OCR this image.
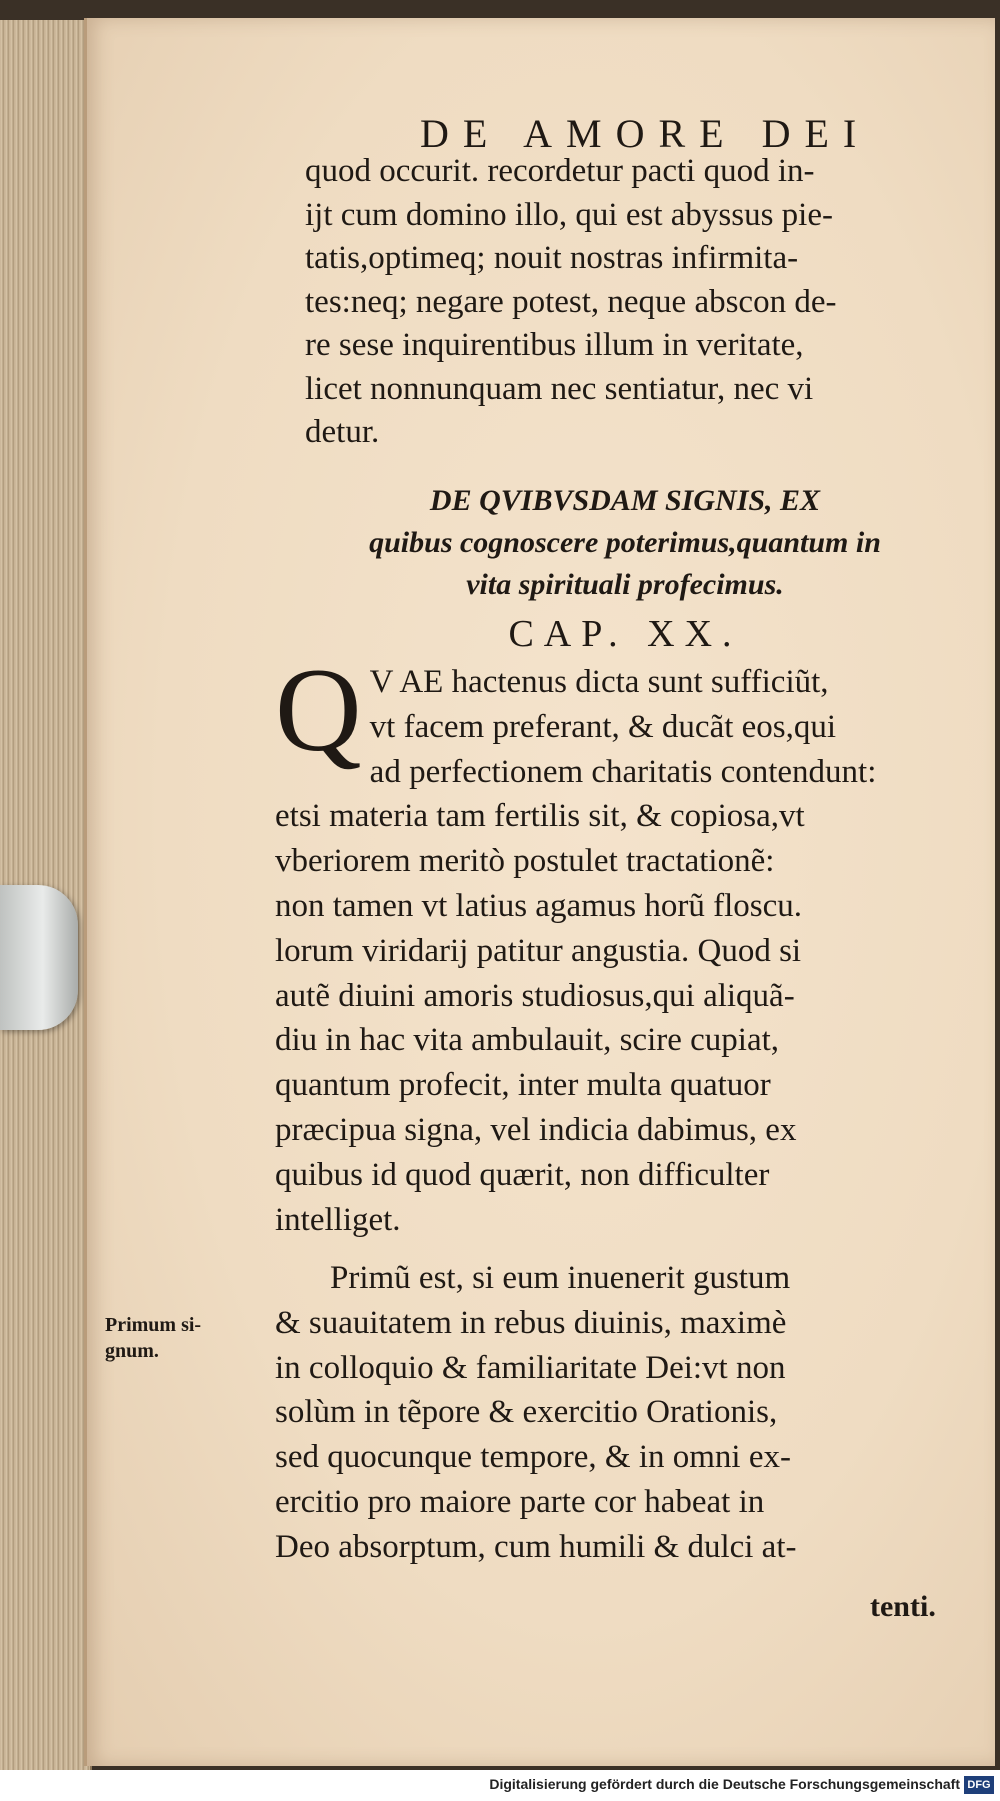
DE AMORE DEI
quod occurit. recordetur pacti quod in-
ijt cum domino illo, qui est abyssus pie-
tatis,optimeq; nouit nostras infirmita-
tes:neq; negare potest, neque abscon de-
re sese inquirentibus illum in veritate,
licet nonnunquam nec sentiatur, nec vi
detur.
DE QVIBVSDAM SIGNIS, EX
quibus cognoscere poterimus,quantum in
vita spirituali profecimus.
CAP. XX.
Q V AE hactenus dicta sunt sufficiũt,
vt facem preferant, & ducãt eos,qui
ad perfectionem charitatis contendunt:
etsi materia tam fertilis sit, & copiosa,vt
vberiorem meritò postulet tractationẽ:
non tamen vt latius agamus horũ floscu.
lorum viridarij patitur angustia. Quod si
autẽ diuini amoris studiosus,qui aliquã-
diu in hac vita ambulauit, scire cupiat,
quantum profecit, inter multa quatuor
præcipua signa, vel indicia dabimus, ex
quibus id quod quærit, non difficulter
intelliget.
Primũ est, si eum inuenerit gustum
& suauitatem in rebus diuinis, maximè
in colloquio & familiaritate Dei:vt non
solùm in tẽpore & exercitio Orationis,
sed quocunque tempore, & in omni ex-
ercitio pro maiore parte cor habeat in
Deo absorptum, cum humili & dulci at-
tenti.
Primum si-
gnum.
Digitalisierung gefördert durch die Deutsche Forschungsgemeinschaft DFG
